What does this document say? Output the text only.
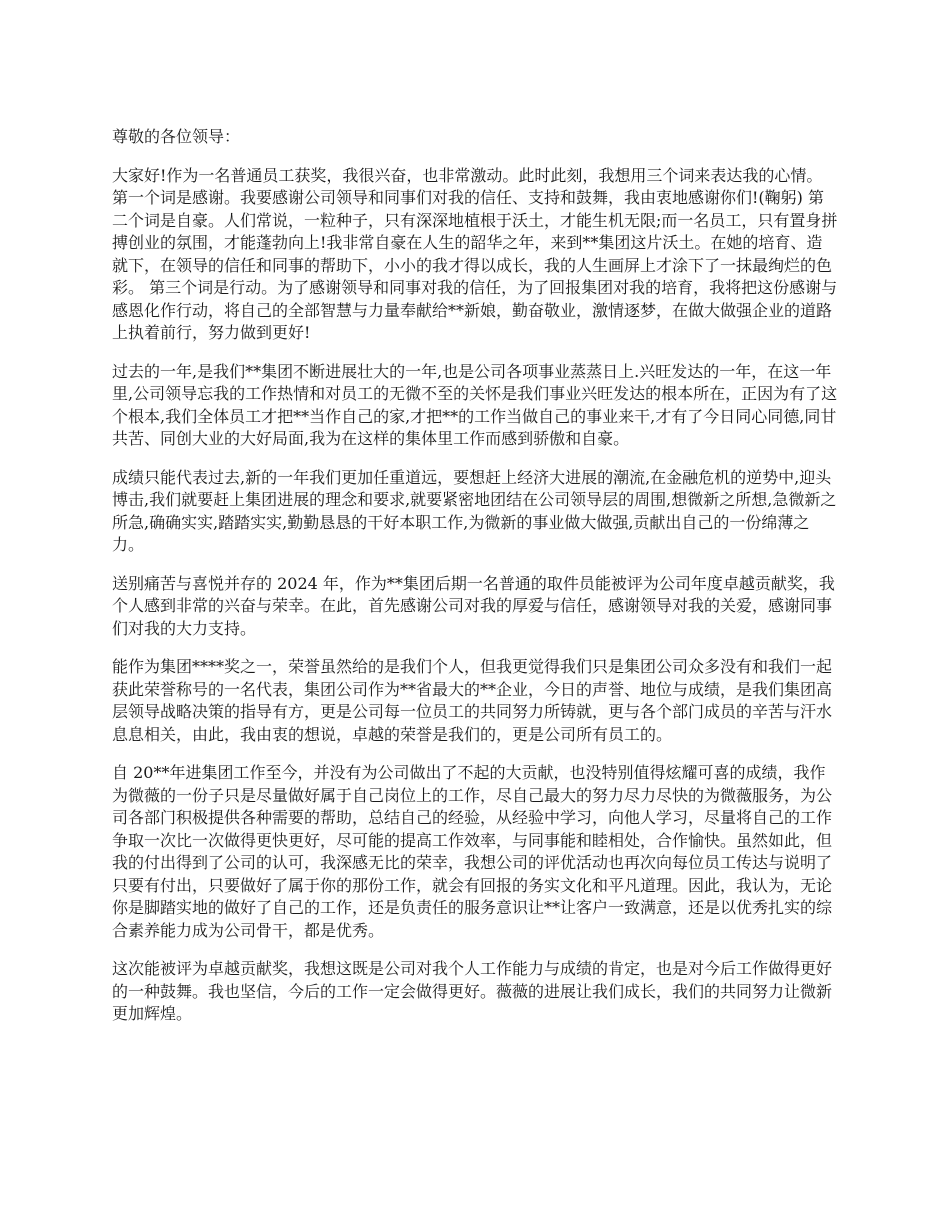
尊敬的各位领导：

大家好!作为一名普通员工获奖，我很兴奋，也非常激动。此时此刻，我想用三个词来表达我的心情。 第一个词是感谢。我要感谢公司领导和同事们对我的信任、支持和鼓舞，我由衷地感谢你们!(鞠躬) 第二个词是自豪。人们常说，一粒种子，只有深深地植根于沃土，才能生机无限;而一名员工，只有置身拼搏创业的氛围，才能蓬勃向上!我非常自豪在人生的韶华之年，来到**集团这片沃土。在她的培育、造就下，在领导的信任和同事的帮助下，小小的我才得以成长，我的人生画屏上才涂下了一抹最绚烂的色彩。 第三个词是行动。为了感谢领导和同事对我的信任，为了回报集团对我的培育，我将把这份感谢与感恩化作行动，将自己的全部智慧与力量奉献给**新娘，勤奋敬业，激情逐梦，在做大做强企业的道路上执着前行，努力做到更好!

过去的一年,是我们**集团不断进展壮大的一年,也是公司各项事业蒸蒸日上.兴旺发达的一年，在这一年里,公司领导忘我的工作热情和对员工的无微不至的关怀是我们事业兴旺发达的根本所在，正因为有了这个根本,我们全体员工才把**当作自己的家,才把**的工作当做自己的事业来干,才有了今日同心同德,同甘共苦、同创大业的大好局面,我为在这样的集体里工作而感到骄傲和自豪。

成绩只能代表过去,新的一年我们更加任重道远，要想赶上经济大进展的潮流,在金融危机的逆势中,迎头博击,我们就要赶上集团进展的理念和要求,就要紧密地团结在公司领导层的周围,想微新之所想,急微新之所急,确确实实,踏踏实实,勤勤恳恳的干好本职工作,为微新的事业做大做强,贡献出自己的一份绵薄之力。

送别痛苦与喜悦并存的 2024 年，作为**集团后期一名普通的取件员能被评为公司年度卓越贡献奖，我个人感到非常的兴奋与荣幸。在此，首先感谢公司对我的厚爱与信任，感谢领导对我的关爱，感谢同事们对我的大力支持。

能作为集团****奖之一，荣誉虽然给的是我们个人，但我更觉得我们只是集团公司众多没有和我们一起获此荣誉称号的一名代表，集团公司作为**省最大的**企业，今日的声誉、地位与成绩，是我们集团高层领导战略决策的指导有方，更是公司每一位员工的共同努力所铸就，更与各个部门成员的辛苦与汗水息息相关，由此，我由衷的想说，卓越的荣誉是我们的，更是公司所有员工的。

自 20**年进集团工作至今，并没有为公司做出了不起的大贡献，也没特别值得炫耀可喜的成绩，我作为微薇的一份子只是尽量做好属于自己岗位上的工作，尽自己最大的努力尽力尽快的为微薇服务，为公司各部门积极提供各种需要的帮助，总结自己的经验，从经验中学习，向他人学习，尽量将自己的工作争取一次比一次做得更快更好，尽可能的提高工作效率，与同事能和睦相处，合作愉快。虽然如此，但我的付出得到了公司的认可，我深感无比的荣幸，我想公司的评优活动也再次向每位员工传达与说明了只要有付出，只要做好了属于你的那份工作，就会有回报的务实文化和平凡道理。因此，我认为，无论你是脚踏实地的做好了自己的工作，还是负责任的服务意识让**让客户一致满意，还是以优秀扎实的综合素养能力成为公司骨干，都是优秀。

这次能被评为卓越贡献奖，我想这既是公司对我个人工作能力与成绩的肯定，也是对今后工作做得更好的一种鼓舞。我也坚信，今后的工作一定会做得更好。薇薇的进展让我们成长，我们的共同努力让微新更加辉煌。
